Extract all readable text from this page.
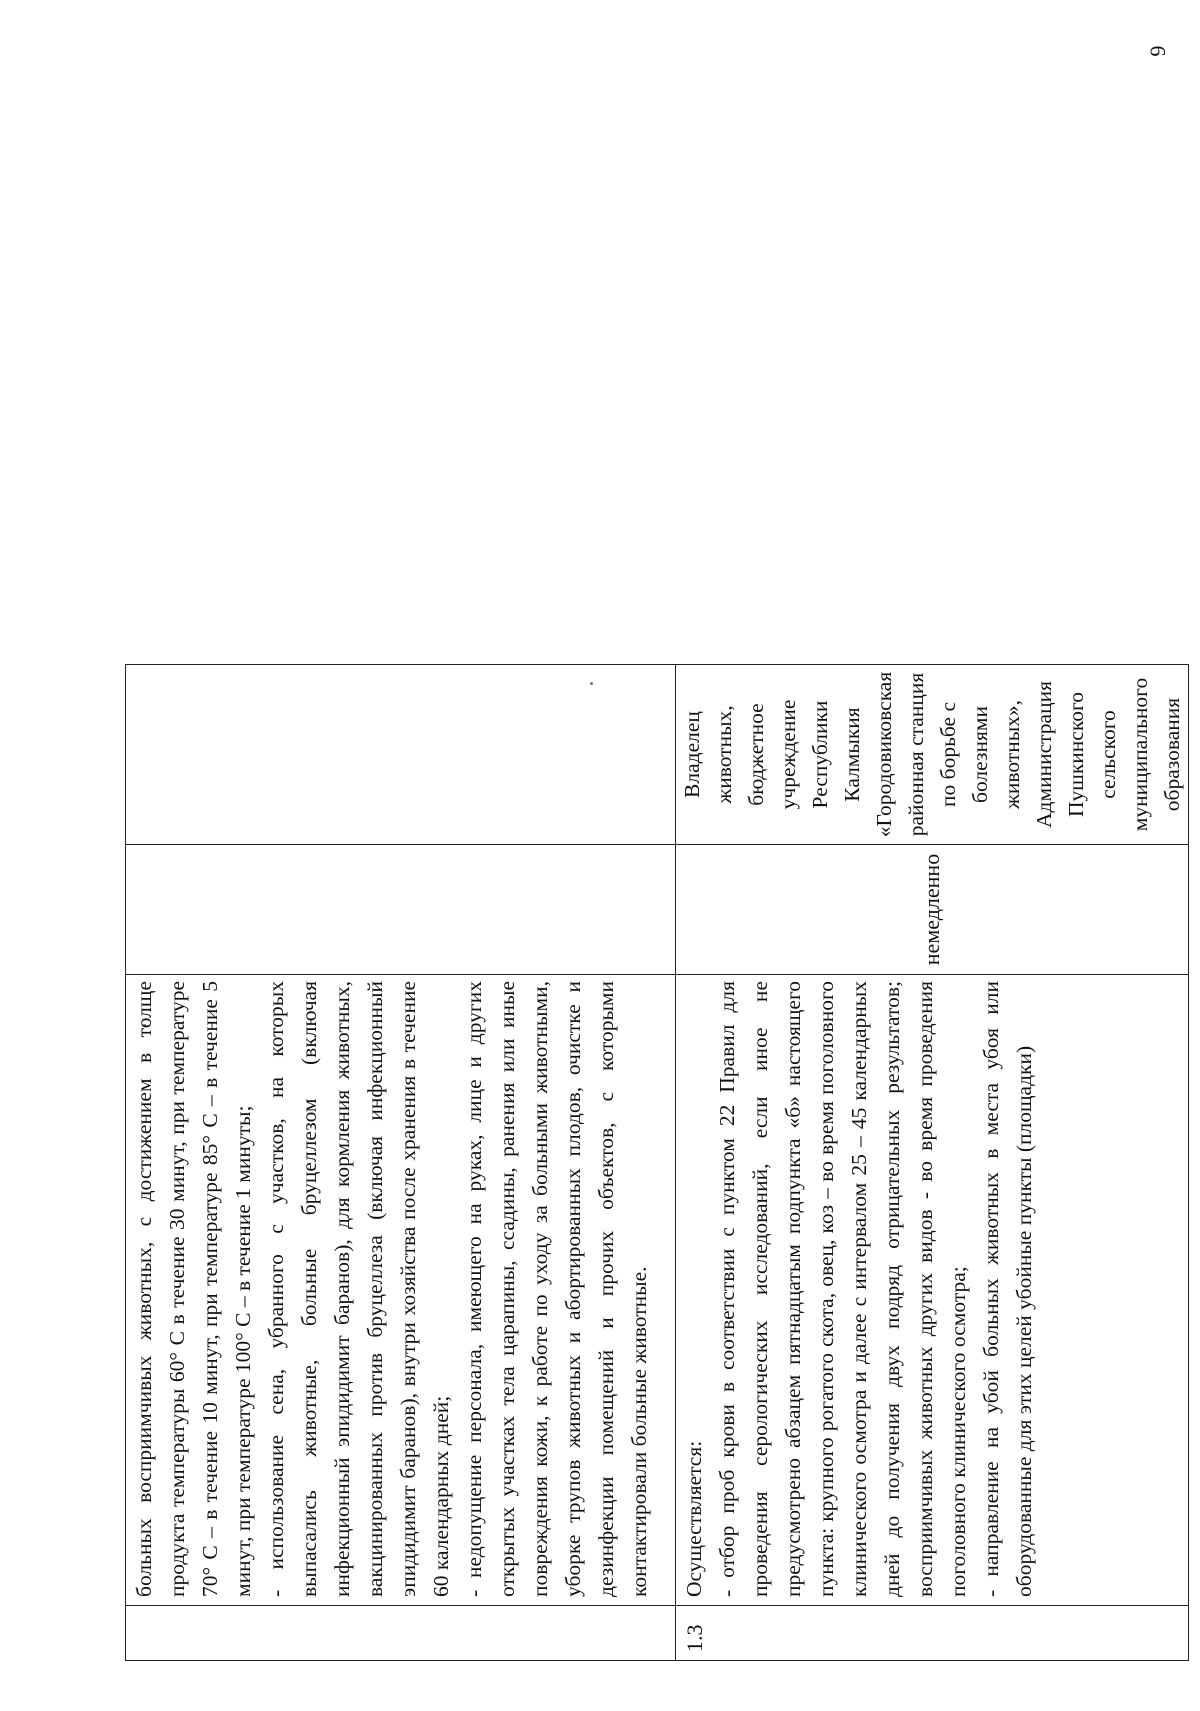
6

	больных восприимчивых животных, с достижением в толще продукта температуры 60° С в течение 30 минут, при температуре 70° С – в течение 10 минут, при температуре 85° С – в течение 5 минут, при температуре 100° С – в течение 1 минуты; - использование сена, убранного с участков, на которых выпасались животные, больные бруцеллезом (включая инфекционный эпидидимит баранов), для кормления животных, вакцинированных против бруцеллеза (включая инфекционный эпидидимит баранов), внутри хозяйства после хранения в течение 60 календарных дней; - недопущение персонала, имеющего на руках, лице и других открытых участках тела царапины, ссадины, ранения или иные повреждения кожи, к работе по уходу за больными животными, уборке трупов животных и абортированных плодов, очистке и дезинфекции помещений и прочих объектов, с которыми контактировали больные животные.		

1.3	Осуществляется: - отбор проб крови в соответствии с пунктом 22 Правил для проведения серологических исследований, если иное не предусмотрено абзацем пятнадцатым подпункта «б» настоящего пункта: крупного рогатого скота, овец, коз – во время поголовного клинического осмотра и далее с интервалом 25 – 45 календарных дней до получения двух подряд отрицательных результатов; восприимчивых животных других видов - во время проведения поголовного клинического осмотра; - направление на убой больных животных в места убоя или оборудованные для этих целей убойные пункты (площадки)	немедленно	Владелец животных, бюджетное учреждение Республики Калмыкия «Городовиковская районная станция по борьбе с болезнями животных», Администрация Пушкинского сельского муниципального образования
